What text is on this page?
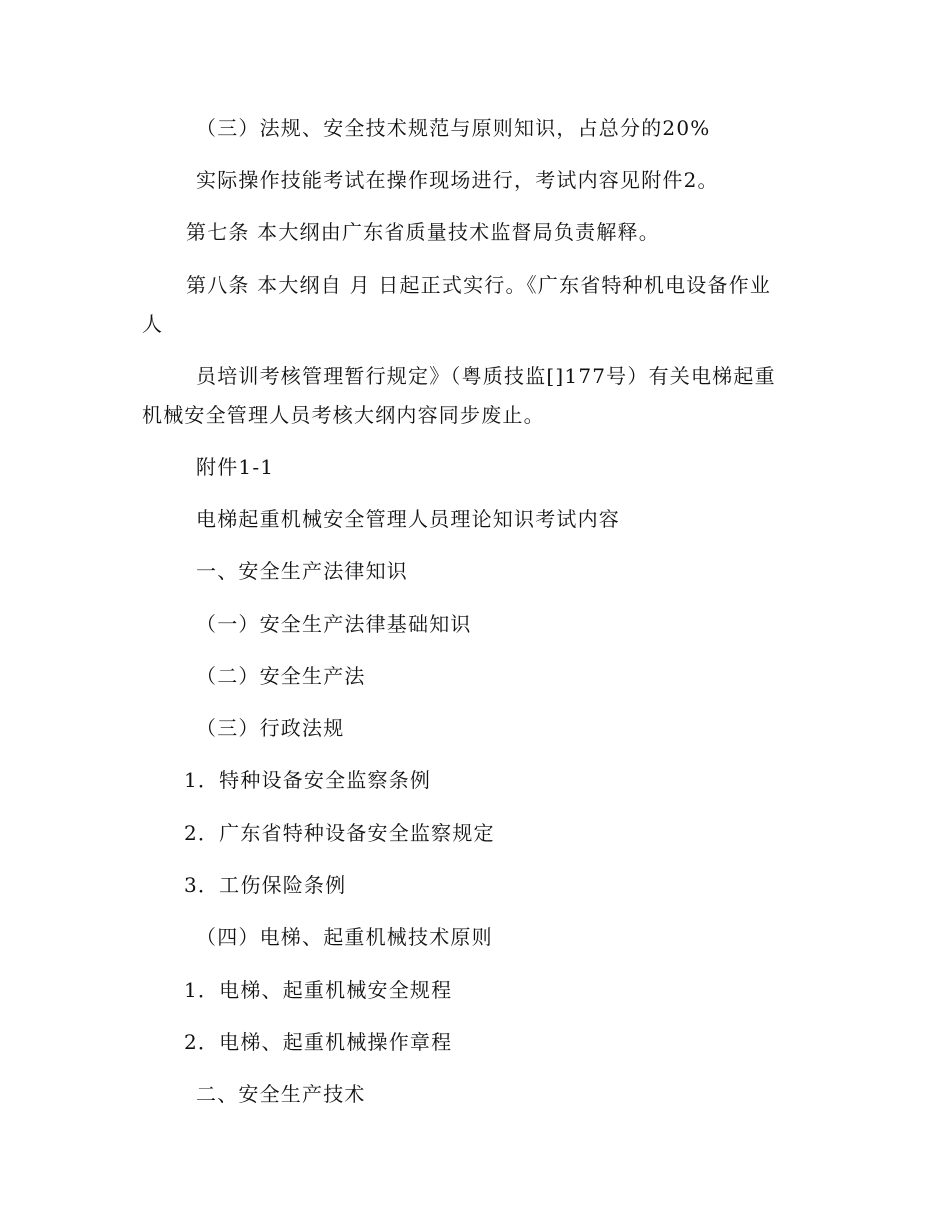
（三）法规、安全技术规范与原则知识，占总分的20%
实际操作技能考试在操作现场进行，考试内容见附件2。
第七条 本大纲由广东省质量技术监督局负责解释。
第八条 本大纲自 月 日起正式实行。《广东省特种机电设备作业
人
员培训考核管理暂行规定》（粤质技监[]177号）有关电梯起重
机械安全管理人员考核大纲内容同步废止。
附件1-1
电梯起重机械安全管理人员理论知识考试内容
一、安全生产法律知识
（一）安全生产法律基础知识
（二）安全生产法
（三）行政法规
1．特种设备安全监察条例
2．广东省特种设备安全监察规定
3．工伤保险条例
（四）电梯、起重机械技术原则
1．电梯、起重机械安全规程
2．电梯、起重机械操作章程
二、安全生产技术
